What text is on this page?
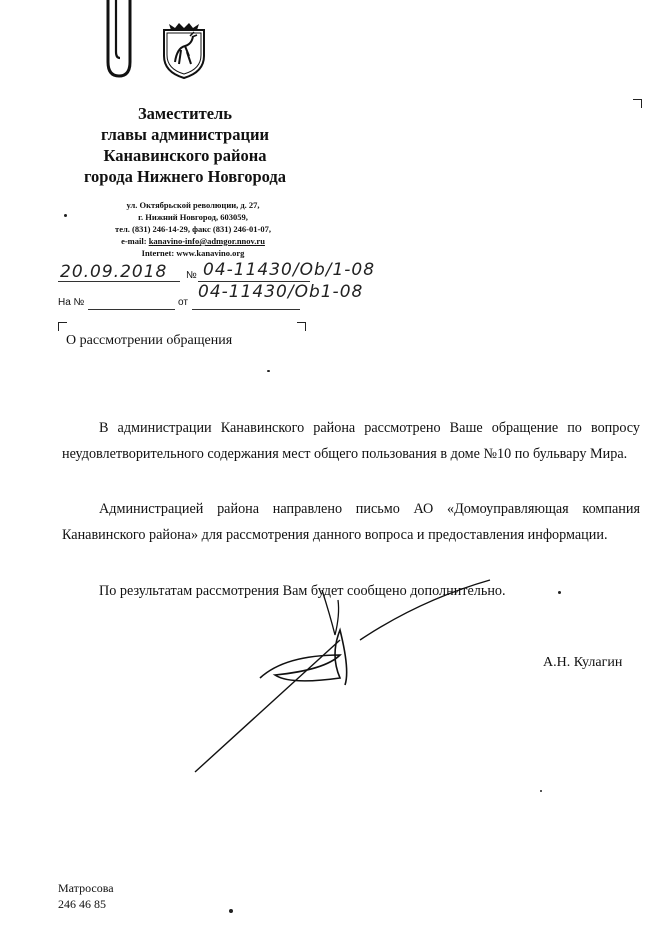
Заместитель
главы администрации
Канавинского района
города Нижнего Новгорода
ул. Октябрьской революции, д. 27,
г. Нижний Новгород, 603059,
тел. (831) 246-14-29, факс (831) 246-01-07,
e-mail: kanavino-info@admgor.nnov.ru
Internet: www.kanavino.org
20.09.2018 № 04-11430/Ob/1-08
04-11430/Ob1-08
На №	от
О рассмотрении обращения

В администрации Канавинского района рассмотрено Ваше обращение по вопросу неудовлетворительного содержания мест общего пользования в доме №10 по бульвару Мира.

Администрацией района направлено письмо АО «Домоуправляющая компания Канавинского района» для рассмотрения данного вопроса и предоставления информации.

По результатам рассмотрения Вам будет сообщено дополнительно.

А.Н. Кулагин
Матросова
246 46 85
